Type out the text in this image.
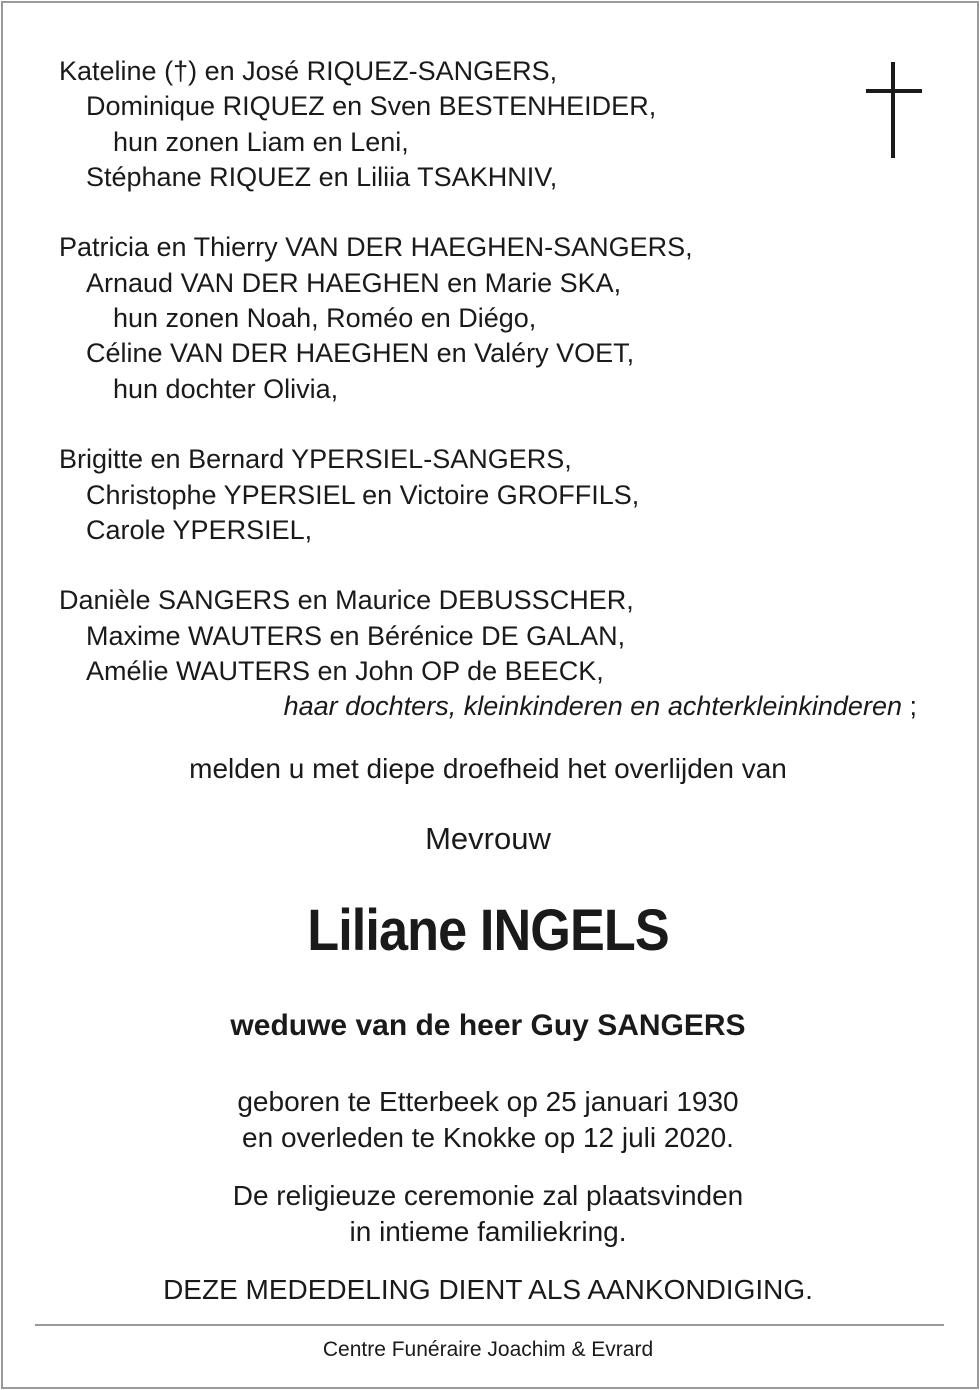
Kateline (†) en José RIQUEZ-SANGERS,
Dominique RIQUEZ en Sven BESTENHEIDER,
hun zonen Liam en Leni,
Stéphane RIQUEZ en Liliia TSAKHNIV,
Patricia en Thierry VAN DER HAEGHEN-SANGERS,
Arnaud VAN DER HAEGHEN en Marie SKA,
hun zonen Noah, Roméo en Diégo,
Céline VAN DER HAEGHEN en Valéry VOET,
hun dochter Olivia,
Brigitte en Bernard YPERSIEL-SANGERS,
Christophe YPERSIEL en Victoire GROFFILS,
Carole YPERSIEL,
Danièle SANGERS en Maurice DEBUSSCHER,
Maxime WAUTERS en Bérénice DE GALAN,
Amélie WAUTERS en John OP de BEECK,
haar dochters, kleinkinderen en achterkleinkinderen ;
melden u met diepe droefheid het overlijden van
Mevrouw
Liliane INGELS
weduwe van de heer Guy SANGERS
geboren te Etterbeek op 25 januari 1930
en overleden te Knokke op 12 juli 2020.
De religieuze ceremonie zal plaatsvinden
in intieme familiekring.
DEZE MEDEDELING DIENT ALS AANKONDIGING.
Centre Funéraire Joachim & Evrard
